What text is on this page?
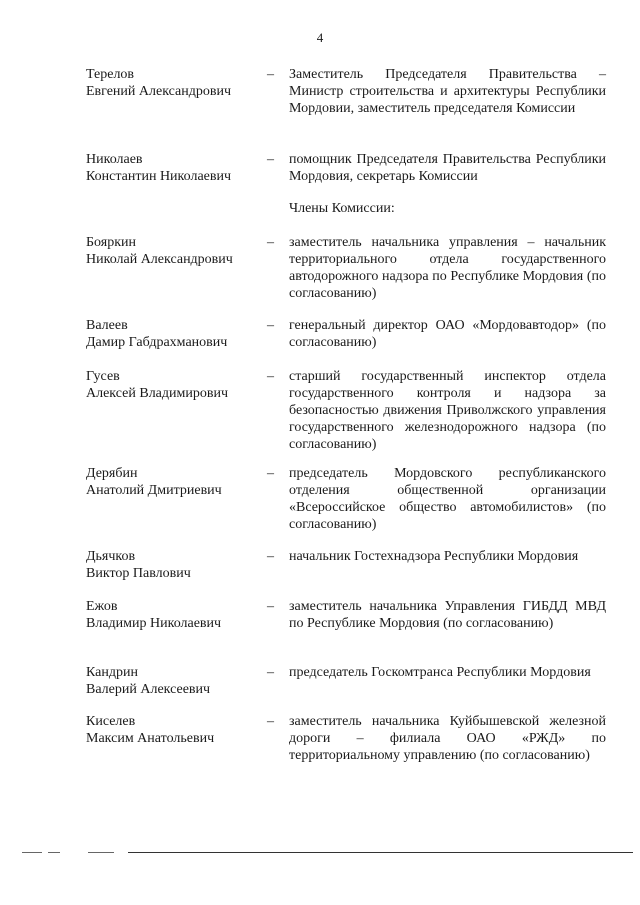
4
Терелов
Евгений Александрович
– Заместитель Председателя Правительства – Министр строительства и архитектуры Республики Мордовии, заместитель председателя Комиссии
Николаев
Константин Николаевич
– помощник Председателя Правительства Республики Мордовия, секретарь Комиссии
Члены Комиссии:
Бояркин
Николай Александрович
– заместитель начальника управления – начальник территориального отдела государственного автодорожного надзора по Республике Мордовия (по согласованию)
Валеев
Дамир Габдрахманович
– генеральный директор ОАО «Мордовавтодор» (по согласованию)
Гусев
Алексей Владимирович
– старший государственный инспектор отдела государственного контроля и надзора за безопасностью движения Приволжского управления государственного железнодорожного надзора (по согласованию)
Дерябин
Анатолий Дмитриевич
– председатель Мордовского республиканского отделения общественной организации «Всероссийское общество автомобилистов» (по согласованию)
Дьячков
Виктор Павлович
– начальник Гостехнадзора Республики Мордовия
Ежов
Владимир Николаевич
– заместитель начальника Управления ГИБДД МВД по Республике Мордовия (по согласованию)
Кандрин
Валерий Алексеевич
– председатель Госкомтранса Республики Мордовия
Киселев
Максим Анатольевич
– заместитель начальника Куйбышевской железной дороги – филиала ОАО «РЖД» по территориальному управлению (по согласованию)
